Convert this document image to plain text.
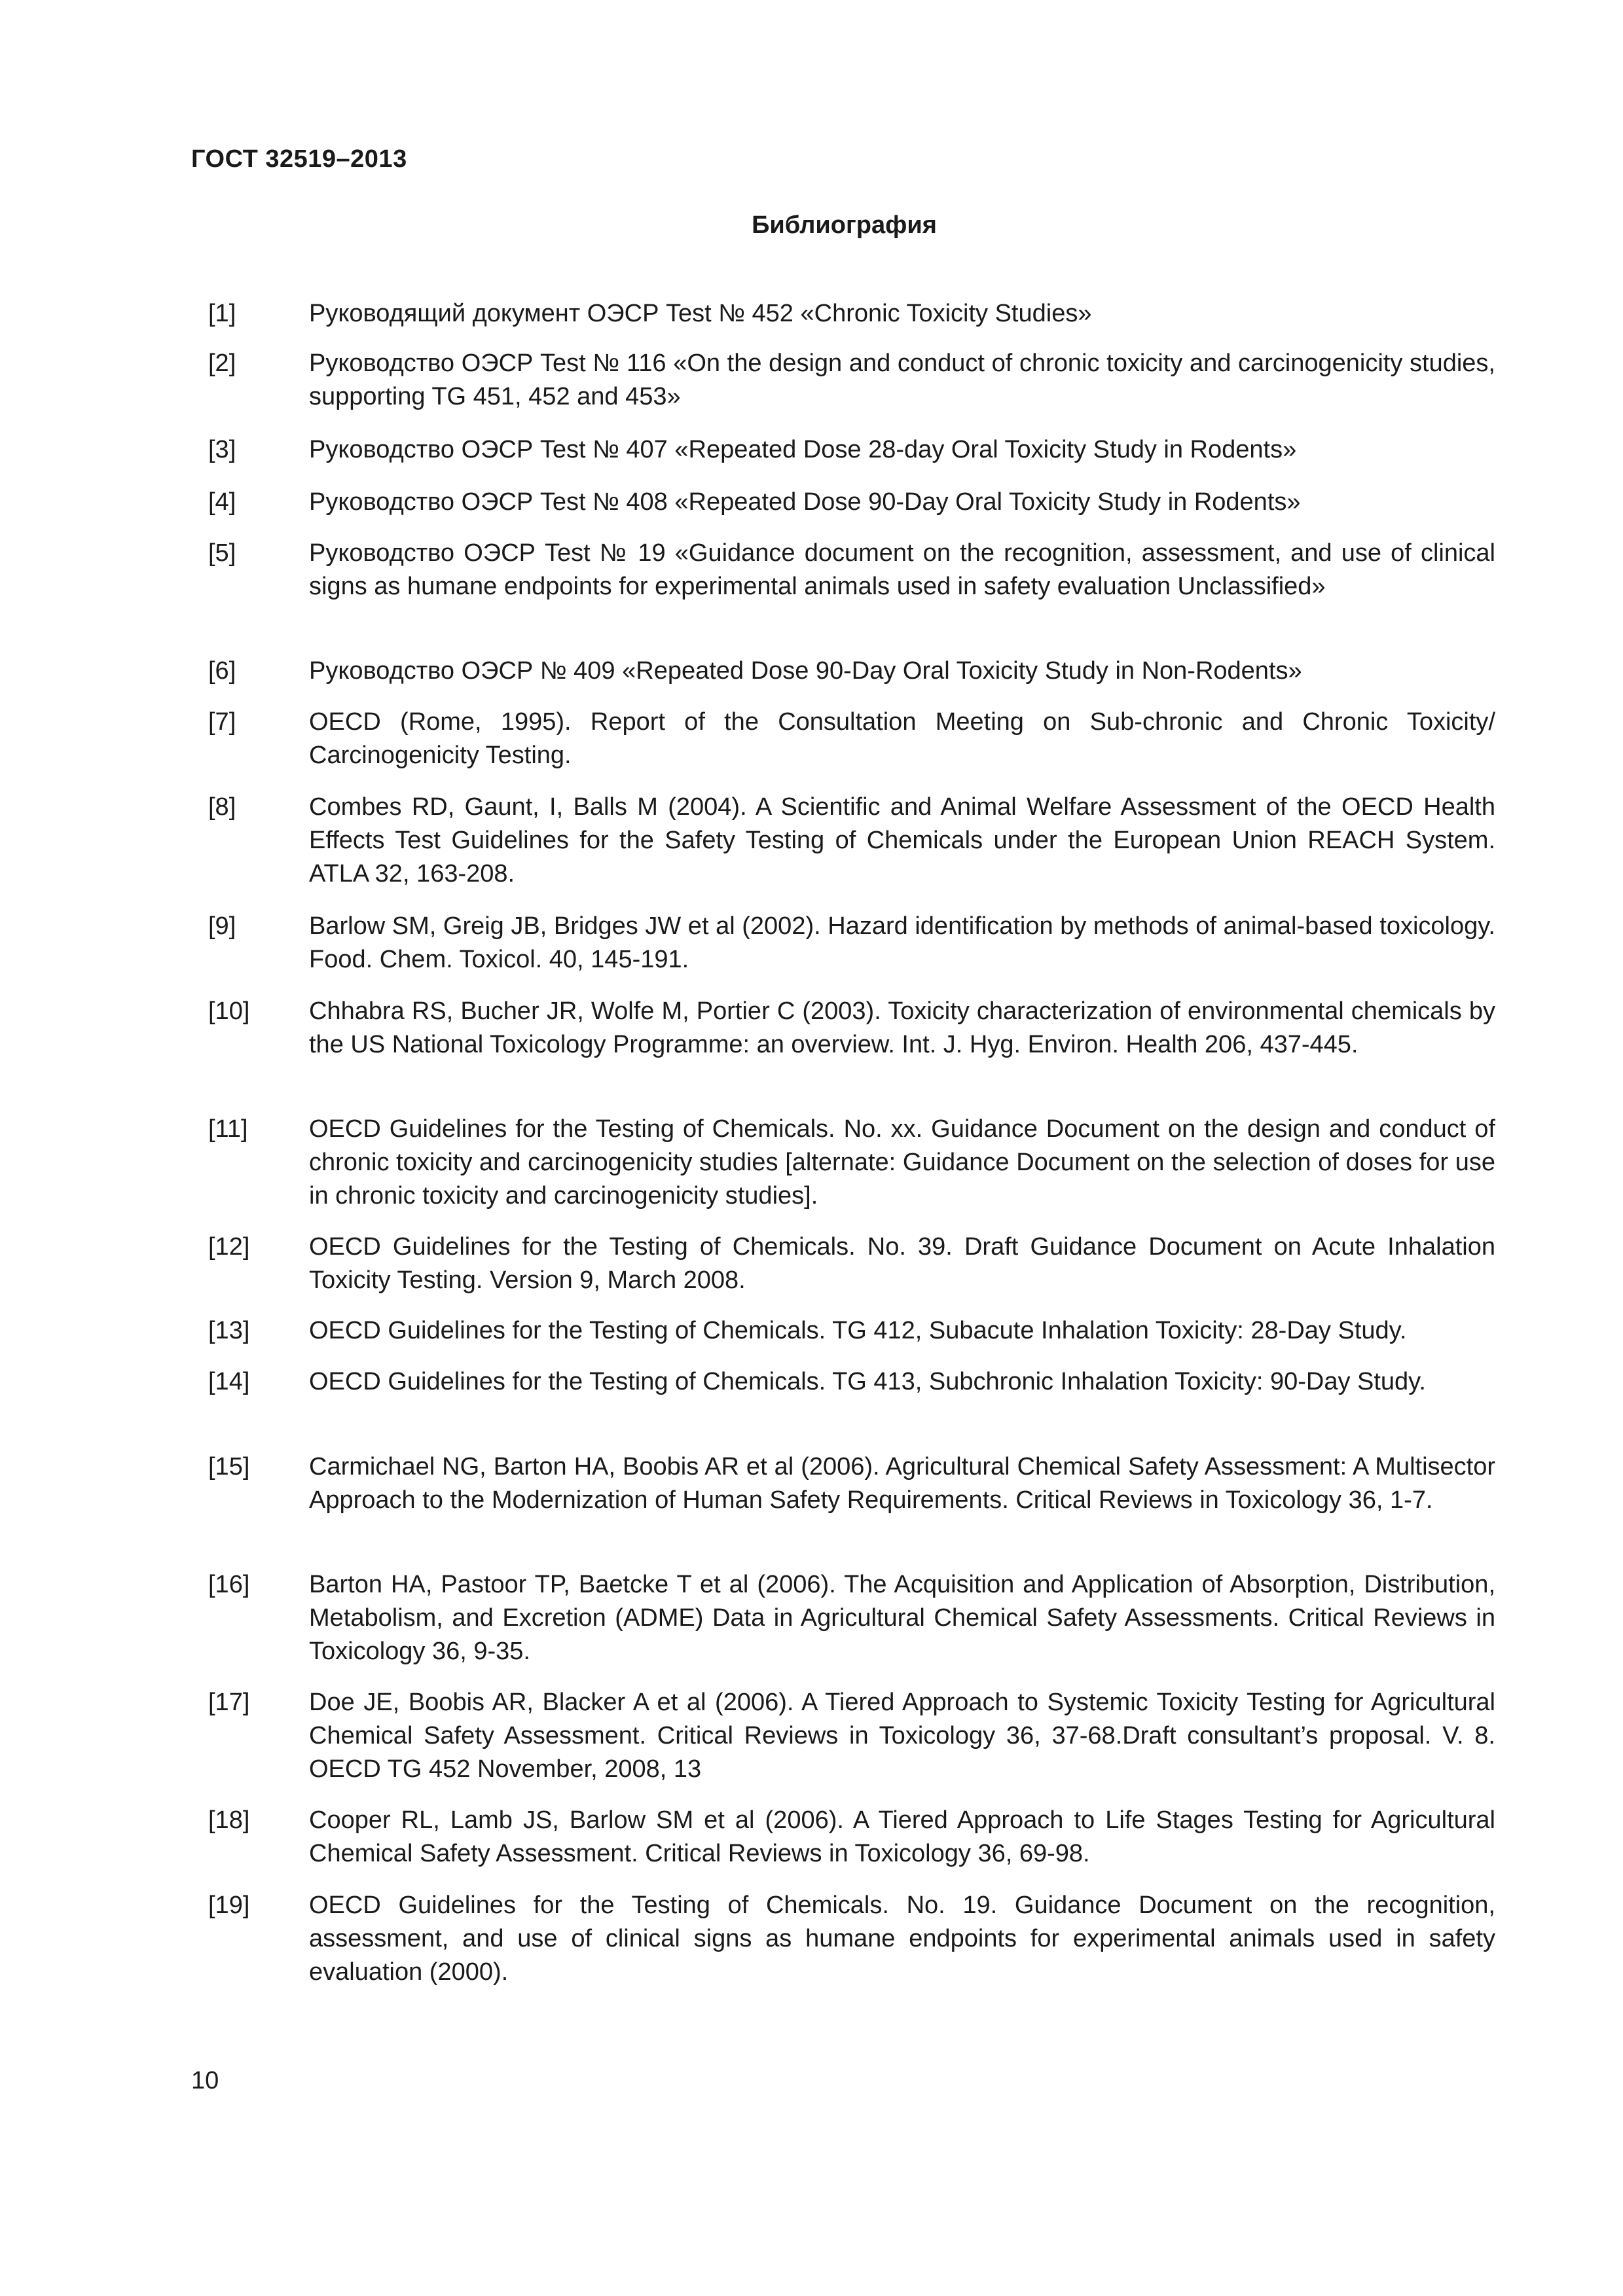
ГОСТ 32519–2013

Библиография
[1]	Руководящий документ ОЭСР Test № 452 «Chronic Toxicity Studies»

[2]	Руководство ОЭСР Test № 116 «On the design and conduct of chronic toxicity and carcinogenicity studies, supporting TG 451, 452 and 453»

[3]	Руководство ОЭСР Test № 407 «Repeated Dose 28-day Oral Toxicity Study in Rodents»

[4]	Руководство ОЭСР Test № 408 «Repeated Dose 90-Day Oral Toxicity Study in Rodents»

[5]	Руководство ОЭСР Test № 19 «Guidance document on the recognition, assessment, and use of clinical signs as humane endpoints for experimental animals used in safety evaluation Unclassified»

[6]	Руководство ОЭСР № 409 «Repeated Dose 90-Day Oral Toxicity Study in Non-Rodents»

[7]	OECD (Rome, 1995). Report of the Consultation Meeting on Sub-chronic and Chronic Toxicity/ Carcinogenicity Testing.

[8]	Combes RD, Gaunt, I, Balls M (2004). A Scientific and Animal Welfare Assessment of the OECD Health Effects Test Guidelines for the Safety Testing of Chemicals under the European Union REACH System. ATLA 32, 163-208.

[9]	Barlow SM, Greig JB, Bridges JW et al (2002). Hazard identification by methods of animal-based toxicology. Food. Chem. Toxicol. 40, 145-191.

[10] Chhabra RS, Bucher JR, Wolfe M, Portier C (2003). Toxicity characterization of environmental chemicals by the US National Toxicology Programme: an overview. Int. J. Hyg. Environ. Health 206, 437-445.

[11] OECD Guidelines for the Testing of Chemicals. No. xx. Guidance Document on the design and conduct of chronic toxicity and carcinogenicity studies [alternate: Guidance Document on the selection of doses for use in chronic toxicity and carcinogenicity studies].

[12] OECD Guidelines for the Testing of Chemicals. No. 39. Draft Guidance Document on Acute Inhalation Toxicity Testing. Version 9, March 2008.

[13] OECD Guidelines for the Testing of Chemicals. TG 412, Subacute Inhalation Toxicity: 28-Day Study.

[14] OECD Guidelines for the Testing of Chemicals. TG 413, Subchronic Inhalation Toxicity: 90-Day Study.

[15] Carmichael NG, Barton HA, Boobis AR et al (2006). Agricultural Chemical Safety Assessment: A Multisector Approach to the Modernization of Human Safety Requirements. Critical Reviews in Toxicology 36, 1-7.

[16] Barton HA, Pastoor TP, Baetcke T et al (2006). The Acquisition and Application of Absorption, Distribution, Metabolism, and Excretion (ADME) Data in Agricultural Chemical Safety Assessments. Critical Reviews in Toxicology 36, 9-35.

[17] Doe JE, Boobis AR, Blacker A et al (2006). A Tiered Approach to Systemic Toxicity Testing for Agricultural Chemical Safety Assessment. Critical Reviews in Toxicology 36, 37-68.Draft consultant’s proposal. V. 8. OECD TG 452 November, 2008, 13

[18] Cooper RL, Lamb JS, Barlow SM et al (2006). A Tiered Approach to Life Stages Testing for Agricultural Chemical Safety Assessment. Critical Reviews in Toxicology 36, 69-98.

[19] OECD Guidelines for the Testing of Chemicals. No. 19. Guidance Document on the recognition, assessment, and use of clinical signs as humane endpoints for experimental animals used in safety evaluation (2000).

10
